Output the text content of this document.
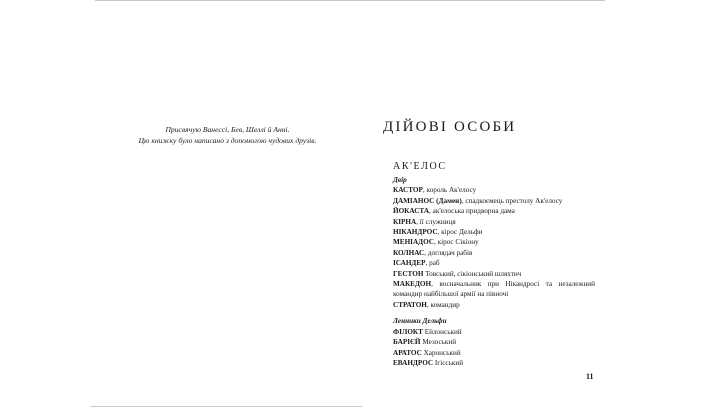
Присвячую Ванессі, Бев, Шеллі й Анні.
Цю книжку було написано з допомогою чудових друзів.
ДІЙОВІ ОСОБИ
АК'ЕЛОС
Двір
КАСТОР, король Ак'елосу
ДАМІАНОС (Дамен), спадкоємець престолу Ак'елосу
ЙОКАСТА, ак'елоська придворна дама
КІРНА, її служниця
НІКАНДРОС, кірос Дельфи
МЕНІАДОС, кірос Сікіону
КОЛНАС, доглядач рабів
ІСАНДЕР, раб
ГЕСТОН Товський, сікіонський шляхтич
МАКЕДОН, восначальник при Нікандросі та незалежний командир найбільшої армії на півночі
СТРАТОН, командир
Ленники Дельфи
ФІЛОКТ Ейлонський
БАРІЄЙ Мезоський
АРАТОС Харонський
ЕВАНДРОС Ігісський
11
